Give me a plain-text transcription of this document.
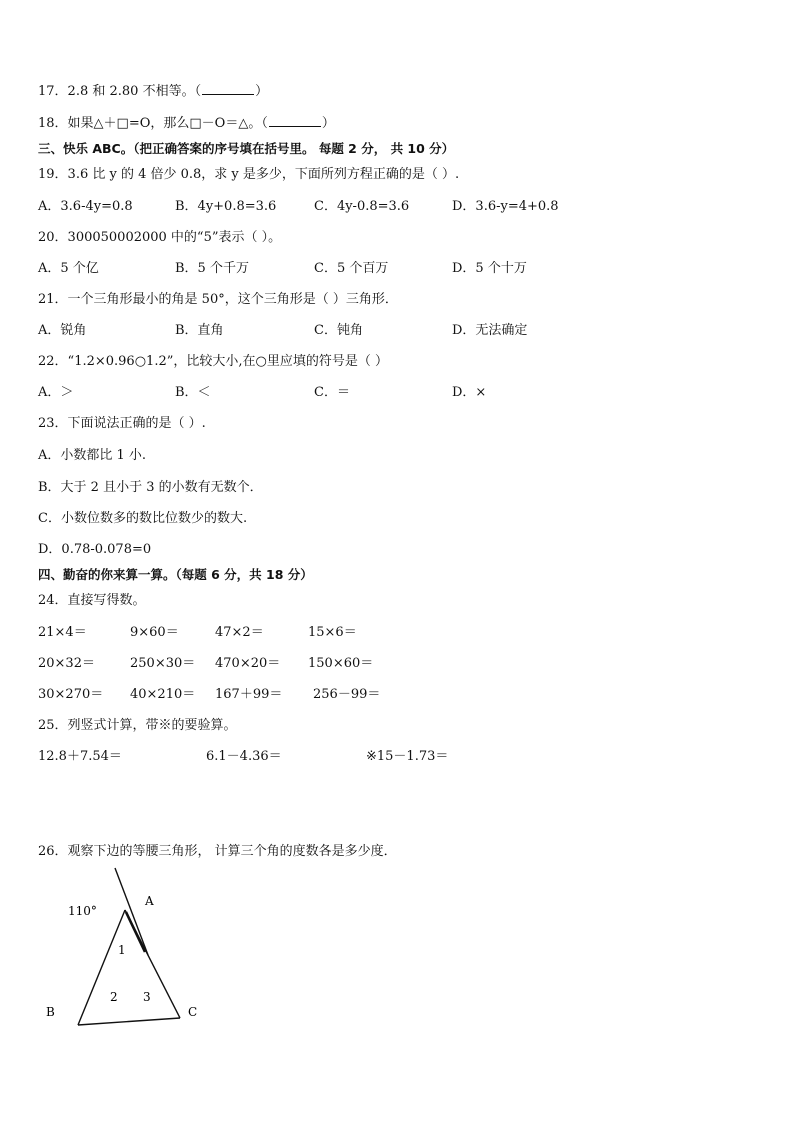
17．2.8 和 2.80 不相等。（	）
18．如果△＋□=O，那么□－O＝△。（	）
三、快乐 ABC。（把正确答案的序号填在括号里。 每题 2 分， 共 10 分）
19．3.6 比 y 的 4 倍少 0.8，求 y 是多少，下面所列方程正确的是（ ）.
A．3.6-4y=0.8	B．4y+0.8=3.6	C．4y-0.8=3.6	D．3.6-y=4+0.8
20．300050002000 中的“5”表示（ ）。
A．5 个亿	B．5 个千万	C．5 个百万	D．5 个十万
21．一个三角形最小的角是 50°，这个三角形是（ ）三角形．
A．锐角	B．直角	C．钝角	D．无法确定
22．“1.2×0.96○1.2”，比较大小,在○里应填的符号是（ ）
A．＞	B．＜	C．＝	D．×
23．下面说法正确的是（ ）.
A．小数都比 1 小.
B．大于 2 且小于 3 的小数有无数个．
C．小数位数多的数比位数少的数大.
D．0.78-0.078=0
四、勤奋的你来算一算。（每题 6 分，共 18 分）
24．直接写得数。
21×4＝	9×60＝	47×2＝	15×6＝
20×32＝	250×30＝ 470×20＝ 150×60＝
30×270＝ 40×210＝ 167＋99＝ 256－99＝
25．列竖式计算，带※的要验算。
12.8＋7.54＝	6.1－4.36＝	※15－1.73＝
26．观察下边的等腰三角形， 计算三个角的度数各是多少度．
110°
A
B	C
1
2 3
